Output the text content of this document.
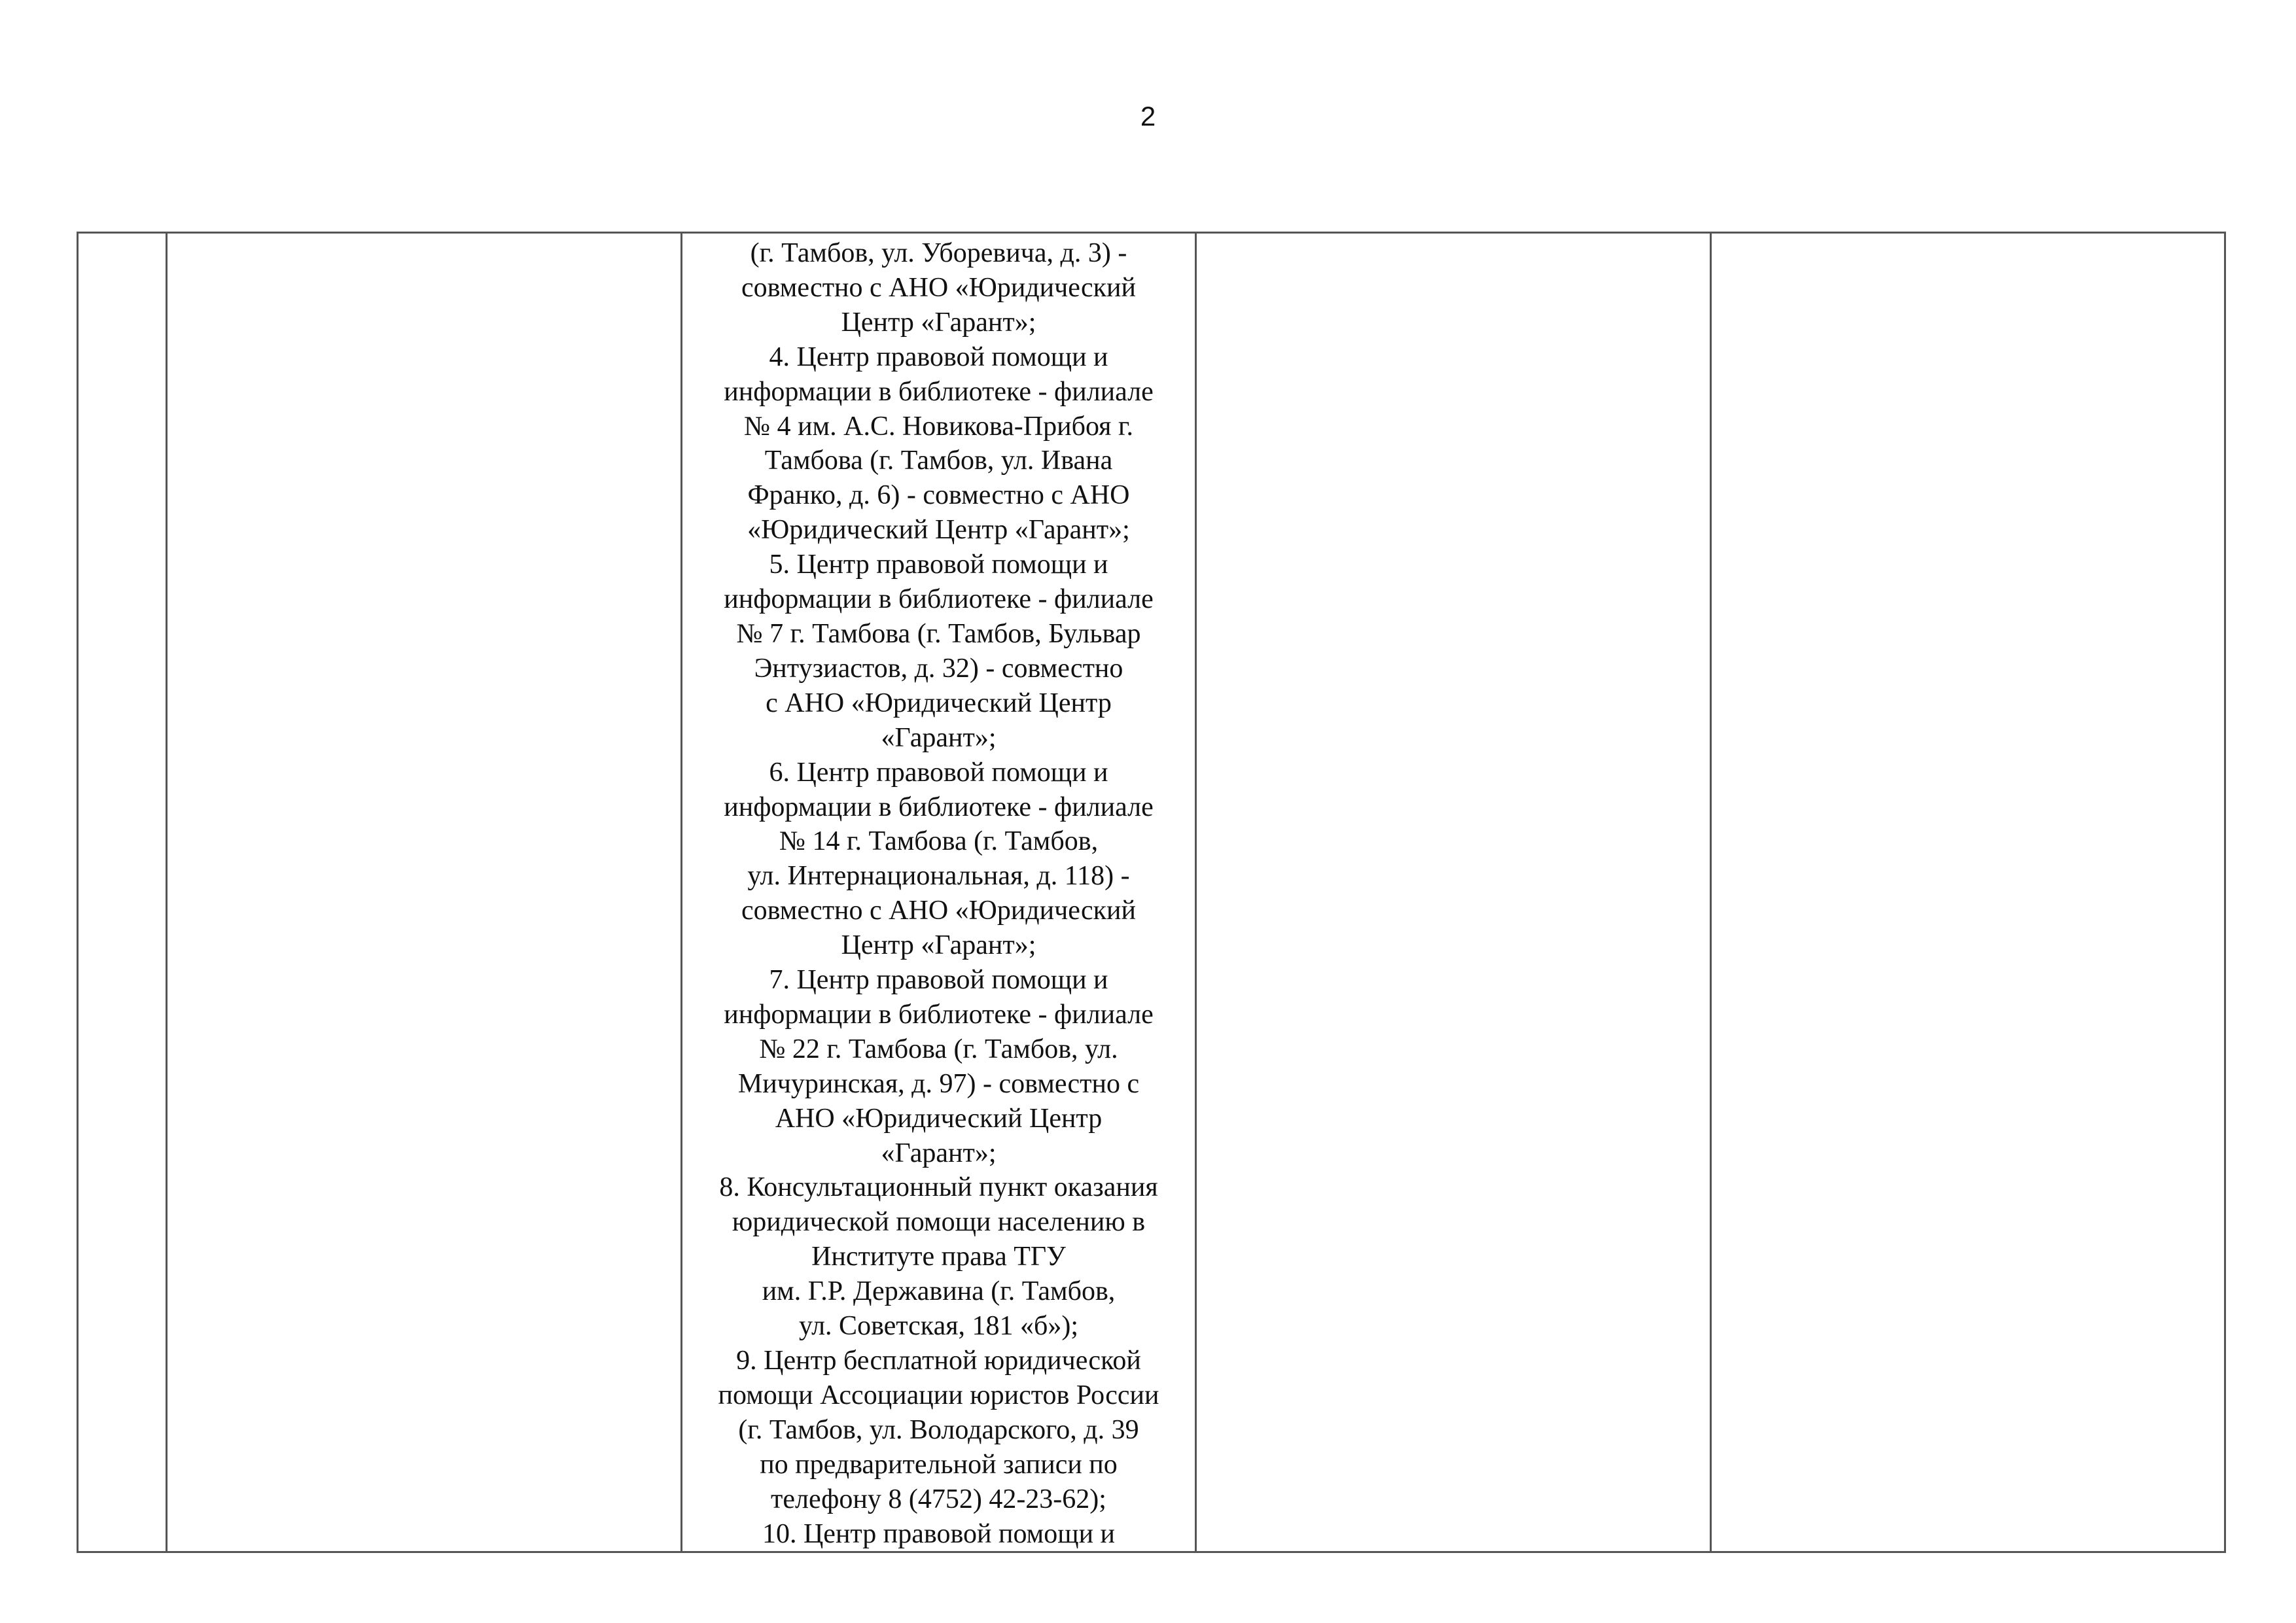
2

(г. Тамбов, ул. Уборевича, д. 3) -
совместно с АНО «Юридический
Центр «Гарант»;
4. Центр правовой помощи и
информации в библиотеке - филиале
№ 4 им. А.С. Новикова-Прибоя г.
Тамбова (г. Тамбов, ул. Ивана
Франко, д. 6) - совместно с АНО
«Юридический Центр «Гарант»;
5. Центр правовой помощи и
информации в библиотеке - филиале
№ 7 г. Тамбова (г. Тамбов, Бульвар
Энтузиастов, д. 32) - совместно
с АНО «Юридический Центр
«Гарант»;
6. Центр правовой помощи и
информации в библиотеке - филиале
№ 14 г. Тамбова (г. Тамбов,
ул. Интернациональная, д. 118) -
совместно с АНО «Юридический
Центр «Гарант»;
7. Центр правовой помощи и
информации в библиотеке - филиале
№ 22 г. Тамбова (г. Тамбов, ул.
Мичуринская, д. 97) - совместно с
АНО «Юридический Центр
«Гарант»;
8. Консультационный пункт оказания
юридической помощи населению в
Институте права ТГУ
им. Г.Р. Державина (г. Тамбов,
ул. Советская, 181 «б»);
9. Центр бесплатной юридической
помощи Ассоциации юристов России
(г. Тамбов, ул. Володарского, д. 39
по предварительной записи по
телефону 8 (4752) 42-23-62);
10. Центр правовой помощи и
